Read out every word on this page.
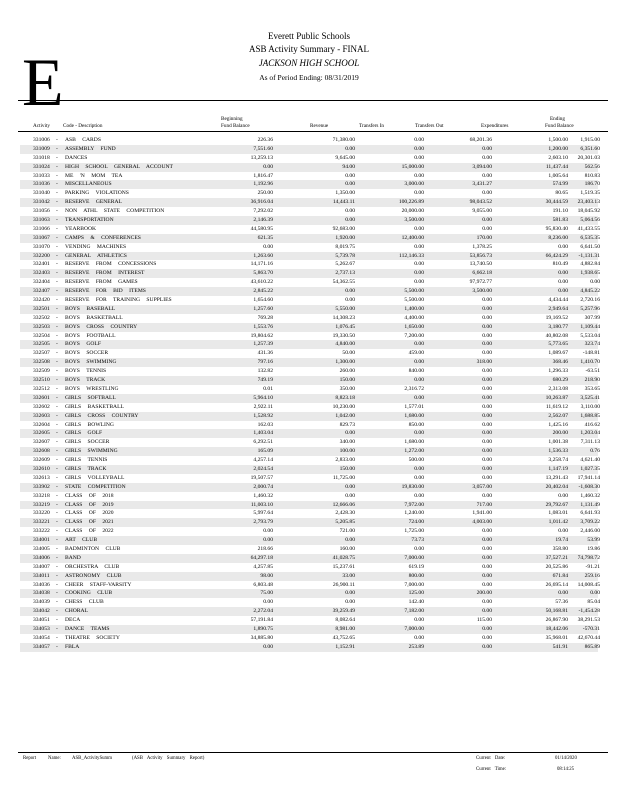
E
Everett Public Schools
ASB Activity Summary - FINAL
JACKSON HIGH SCHOOL
As of Period Ending: 08/31/2019
Beginning
Fund Balance
Activity Code - Description	Revenue	Transfers In	Transfers Out	Expenditures
Ending
Fund Balance
331006 - ASB CARDS	226.36	71,380.00	0.00	68,201.36	1,500.00	1,915.00
331009 - ASSEMBLY FUND	7,551.60	0.00	0.00	0.00	1,200.00	6,351.60
331018 - DANCES	13,259.13	9,645.00	0.00	0.00	2,603.10	20,301.03
331024 - HIGH SCHOOL GENERAL ACCOUNT	0.00	94.00	15,000.00	3,094.00	11,437.44	562.56
331033 - ME 'N MOM TEA	1,816.47	0.00	0.00	0.00	1,005.64	810.83
331036 - MISCELLANEOUS	1,192.96	0.00	3,000.00	3,431.27	574.99	186.70
331040 - PARKING VIOLATIONS	250.00	1,350.00	0.00	0.00	80.65	1,519.35
331042 - RESERVE GENERAL	36,916.04	14,443.11	100,226.89	98,043.52	30,444.59	23,403.13
331056 - NON ATHL STATE COMPETITION	7,292.02	0.00	20,000.00	9,055.00	191.10	18,045.92
331063 - TRANSPORTATION	2,146.39	0.00	3,500.00	0.00	581.83	5,064.56
331066 - YEARBOOK	44,580.95	92,683.00	0.00	0.00	95,830.40	41,433.55
331067 - CAMPS & CONFERENCES	621.35	1,920.00	12,400.00	170.00	8,236.00	6,535.35
331070 - VENDING MACHINES	0.00	8,019.75	0.00	1,378.25	0.00	6,641.50
332200 - GENERAL ATHLETICS	1,263.60	5,739.78	112,146.33	53,856.73	66,424.29	-1,131.31
332401 - RESERVE FROM CONCESSIONS	14,171.16	5,262.67	0.00	13,740.50	810.49	4,882.84
332403 - RESERVE FROM INTEREST	5,863.70	2,737.13	0.00	6,662.18	0.00	1,938.65
332404 - RESERVE FROM GAMES	43,610.22	54,362.55	0.00	97,972.77	0.00	0.00
332407 - RESERVE FOR BID ITEMS	2,845.22	0.00	5,500.00	3,500.00	0.00	4,845.22
332420 - RESERVE FOR TRAINING SUPPLIES	1,654.60	0.00	5,500.00	0.00	4,434.44	2,720.16
332501 - BOYS BASEBALL	1,257.60	5,550.00	1,400.00	0.00	2,949.64	5,257.96
332502 - BOYS BASKETBALL	769.28	14,308.23	4,400.00	0.00	19,169.52	307.99
332503 - BOYS CROSS COUNTRY	1,553.76	1,076.45	1,650.00	0.00	3,180.77	1,109.44
332504 - BOYS FOOTBALL	19,804.62	19,330.50	7,200.00	0.00	40,802.08	5,533.04
332505 - BOYS GOLF	1,257.39	4,840.00	0.00	0.00	5,773.65	323.74
332507 - BOYS SOCCER	431.36	50.00	459.00	0.00	1,089.67	-148.81
332508 - BOYS SWIMMING	797.16	1,300.00	0.00	318.00	368.46	1,410.70
332509 - BOYS TENNIS	132.82	260.00	840.00	0.00	1,296.33	-63.51
332510 - BOYS TRACK	749.19	150.00	0.00	0.00	680.29	218.90
332512 - BOYS WRESTLING	0.01	350.00	2,316.72	0.00	2,313.08	353.65
332601 - GIRLS SOFTBALL	5,964.10	8,823.18	0.00	0.00	10,263.87	3,525.41
332602 - GIRLS BASKETBALL	2,922.11	10,230.00	1,577.01	0.00	11,619.12	3,110.00
332603 - GIRLS CROSS COUNTRY	1,528.92	1,042.00	1,680.00	0.00	2,562.07	1,688.85
332604 - GIRLS BOWLING	162.03	829.73	850.00	0.00	1,425.16	416.62
332605 - GIRLS GOLF	1,403.04	0.00	0.00	0.00	200.00	1,203.04
332607 - GIRLS SOCCER	6,292.51	340.00	1,680.00	0.00	1,001.38	7,311.13
332608 - GIRLS SWIMMING	165.09	100.00	1,272.00	0.00	1,536.33	0.76
332609 - GIRLS TENNIS	4,257.14	2,833.00	500.00	0.00	3,258.74	4,621.40
332610 - GIRLS TRACK	2,024.54	150.00	0.00	0.00	1,147.19	1,027.35
332613 - GIRLS VOLLEYBALL	19,507.57	11,725.00	0.00	0.00	13,291.43	17,941.14
333902 - STATE COMPETITION	2,000.74	0.00	19,830.00	3,057.00	20,402.04	-1,608.30
333218 - CLASS OF 2018	1,460.32	0.00	0.00	0.00	0.00	1,460.32
333219 - CLASS OF 2019	11,003.10	12,666.06	7,972.00	717.00	29,792.67	1,131.49
333220 - CLASS OF 2020	5,997.64	2,428.30	1,240.00	1,941.00	1,083.01	6,641.93
333221 - CLASS OF 2021	2,793.79	5,205.85	724.00	4,003.00	1,011.42	3,709.22
333222 - CLASS OF 2022	0.00	721.00	1,725.00	0.00	0.00	2,446.00
334001 - ART CLUB	0.00	0.00	73.73	0.00	19.74	53.99
334005 - BADMINTON CLUB	218.66	160.00	0.00	0.00	358.80	19.86
334006 - BAND	64,297.18	41,028.75	7,000.00	0.00	37,527.21	74,798.72
334007 - ORCHESTRA CLUB	4,257.85	15,237.61	619.19	0.00	20,525.86	-91.21
334011 - ASTRONOMY CLUB	98.00	33.00	800.00	0.00	671.84	259.16
334036 - CHEER STAFF-VARSITY	6,803.48	26,900.11	7,000.00	0.00	26,695.14	14,008.45
334038 - COOKING CLUB	75.00	0.00	125.00	200.00	0.00	0.00
334039 - CHESS CLUB	0.00	0.00	142.40	0.00	57.36	85.04
334042 - CHORAL	2,272.04	39,259.49	7,182.00	0.00	50,168.81	-1,454.28
334051 - DECA	57,191.84	8,082.64	0.00	115.00	26,867.90	38,291.53
334053 - DANCE TEAMS	1,890.75	8,981.00	7,000.00	0.00	18,442.06	-570.31
334054 - THEATRE SOCIETY	34,885.80	43,752.65	0.00	0.00	35,968.01	42,670.44
334057 - FBLA	0.00	1,152.91	253.89	0.00	541.91	865.89
Report Name: ASB_ActivitySumm	(ASB Activity Summary Report)	Current Date:	01/14/2020
Current Time:	08:14:25
